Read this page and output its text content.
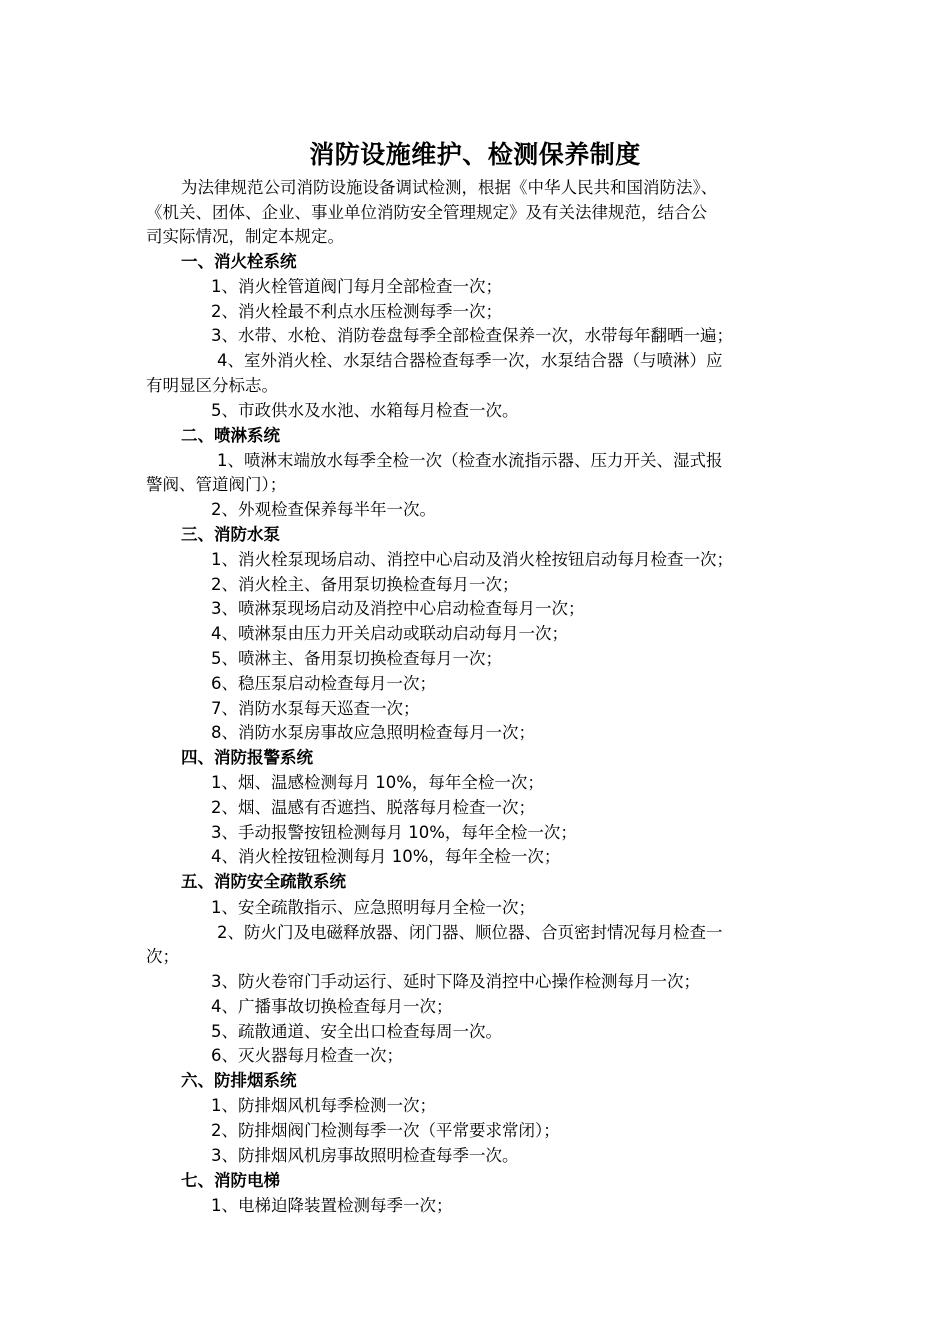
消防设施维护、检测保养制度
为法律规范公司消防设施设备调试检测，根据《中华人民共和国消防法》、
《机关、团体、企业、事业单位消防安全管理规定》及有关法律规范，结合公
司实际情况，制定本规定。
一、消火栓系统
1、消火栓管道阀门每月全部检查一次；
2、消火栓最不利点水压检测每季一次；
3、水带、水枪、消防卷盘每季全部检查保养一次，水带每年翻晒一遍；
4、室外消火栓、水泵结合器检查每季一次，水泵结合器（与喷淋）应
有明显区分标志。
5、市政供水及水池、水箱每月检查一次。
二、喷淋系统
1、喷淋末端放水每季全检一次（检查水流指示器、压力开关、湿式报
警阀、管道阀门）；
2、外观检查保养每半年一次。
三、消防水泵
1、消火栓泵现场启动、消控中心启动及消火栓按钮启动每月检查一次；
2、消火栓主、备用泵切换检查每月一次；
3、喷淋泵现场启动及消控中心启动检查每月一次；
4、喷淋泵由压力开关启动或联动启动每月一次；
5、喷淋主、备用泵切换检查每月一次；
6、稳压泵启动检查每月一次；
7、消防水泵每天巡查一次；
8、消防水泵房事故应急照明检查每月一次；
四、消防报警系统
1、烟、温感检测每月 10%，每年全检一次；
2、烟、温感有否遮挡、脱落每月检查一次；
3、手动报警按钮检测每月 10%，每年全检一次；
4、消火栓按钮检测每月 10%，每年全检一次；
五、消防安全疏散系统
1、安全疏散指示、应急照明每月全检一次；
2、防火门及电磁释放器、闭门器、顺位器、合页密封情况每月检查一
次；
3、防火卷帘门手动运行、延时下降及消控中心操作检测每月一次；
4、广播事故切换检查每月一次；
5、疏散通道、安全出口检查每周一次。
6、灭火器每月检查一次；
六、防排烟系统
1、防排烟风机每季检测一次；
2、防排烟阀门检测每季一次（平常要求常闭）；
3、防排烟风机房事故照明检查每季一次。
七、消防电梯
1、电梯迫降装置检测每季一次；
